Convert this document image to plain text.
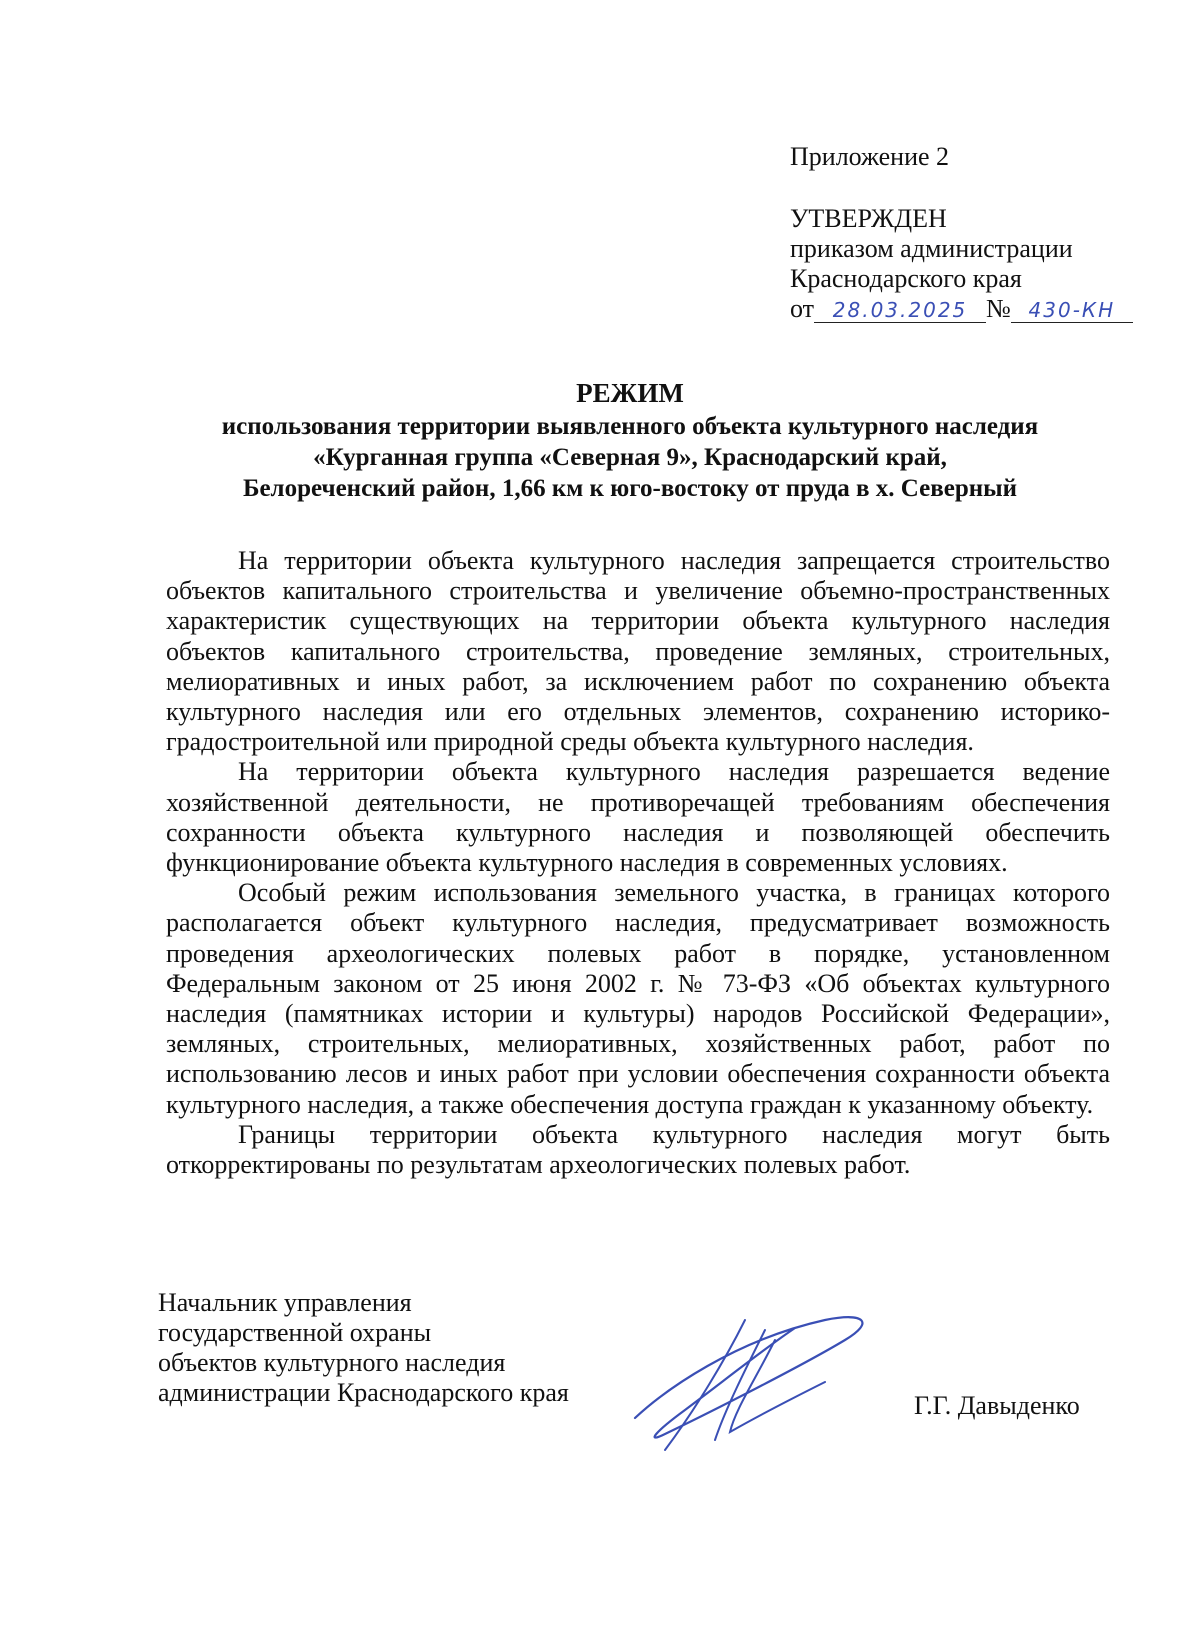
Приложение 2
УТВЕРЖДЕН
приказом администрации
Краснодарского края
от 28.03.2025 № 430-КН
РЕЖИМ
использования территории выявленного объекта культурного наследия
«Курганная группа «Северная 9», Краснодарский край,
Белореченский район, 1,66 км к юго-востоку от пруда в х. Северный

На территории объекта культурного наследия запрещается строительство объектов капитального строительства и увеличение объемно-пространственных характеристик существующих на территории объекта культурного наследия объектов капитального строительства, проведение земляных, строительных, мелиоративных и иных работ, за исключением работ по сохранению объекта культурного наследия или его отдельных элементов, сохранению историко-градостроительной или природной среды объекта культурного наследия.

На территории объекта культурного наследия разрешается ведение хозяйственной деятельности, не противоречащей требованиям обеспечения сохранности объекта культурного наследия и позволяющей обеспечить функционирование объекта культурного наследия в современных условиях.

Особый режим использования земельного участка, в границах которого располагается объект культурного наследия, предусматривает возможность проведения археологических полевых работ в порядке, установленном Федеральным законом от 25 июня 2002 г. № 73-ФЗ «Об объектах культурного наследия (памятниках истории и культуры) народов Российской Федерации», земляных, строительных, мелиоративных, хозяйственных работ, работ по использованию лесов и иных работ при условии обеспечения сохранности объекта культурного наследия, а также обеспечения доступа граждан к указанному объекту.

Границы территории объекта культурного наследия могут быть откорректированы по результатам археологических полевых работ.

Начальник управления
государственной охраны
объектов культурного наследия
администрации Краснодарского края	Г.Г. Давыденко
